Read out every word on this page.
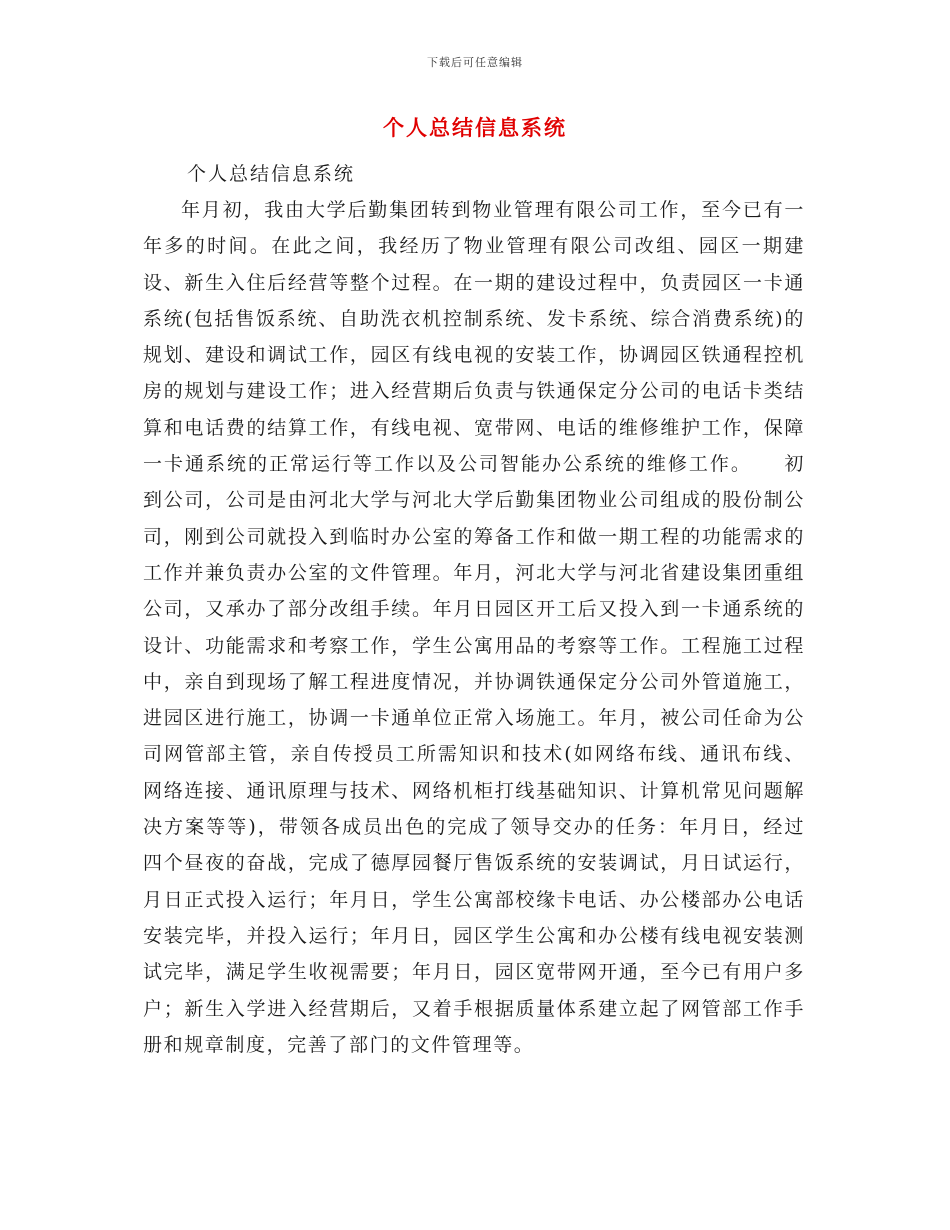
下载后可任意编辑
个人总结信息系统

个人总结信息系统

年月初，我由大学后勤集团转到物业管理有限公司工作，至今已有一年多的时间。在此之间，我经历了物业管理有限公司改组、园区一期建设、新生入住后经营等整个过程。在一期的建设过程中，负责园区一卡通系统(包括售饭系统、自助洗衣机控制系统、发卡系统、综合消费系统)的规划、建设和调试工作，园区有线电视的安装工作，协调园区铁通程控机房的规划与建设工作；进入经营期后负责与铁通保定分公司的电话卡类结算和电话费的结算工作，有线电视、宽带网、电话的维修维护工作，保障一卡通系统的正常运行等工作以及公司智能办公系统的维修工作。　　初到公司，公司是由河北大学与河北大学后勤集团物业公司组成的股份制公司，刚到公司就投入到临时办公室的筹备工作和做一期工程的功能需求的工作并兼负责办公室的文件管理。年月，河北大学与河北省建设集团重组公司，又承办了部分改组手续。年月日园区开工后又投入到一卡通系统的设计、功能需求和考察工作，学生公寓用品的考察等工作。工程施工过程中，亲自到现场了解工程进度情况，并协调铁通保定分公司外管道施工，进园区进行施工，协调一卡通单位正常入场施工。年月，被公司任命为公司网管部主管，亲自传授员工所需知识和技术(如网络布线、通讯布线、网络连接、通讯原理与技术、网络机柜打线基础知识、计算机常见问题解决方案等等)，带领各成员出色的完成了领导交办的任务：年月日，经过四个昼夜的奋战，完成了德厚园餐厅售饭系统的安装调试，月日试运行，月日正式投入运行；年月日，学生公寓部校缘卡电话、办公楼部办公电话安装完毕，并投入运行；年月日，园区学生公寓和办公楼有线电视安装测试完毕，满足学生收视需要；年月日，园区宽带网开通，至今已有用户多户；新生入学进入经营期后，又着手根据质量体系建立起了网管部工作手册和规章制度，完善了部门的文件管理等。
